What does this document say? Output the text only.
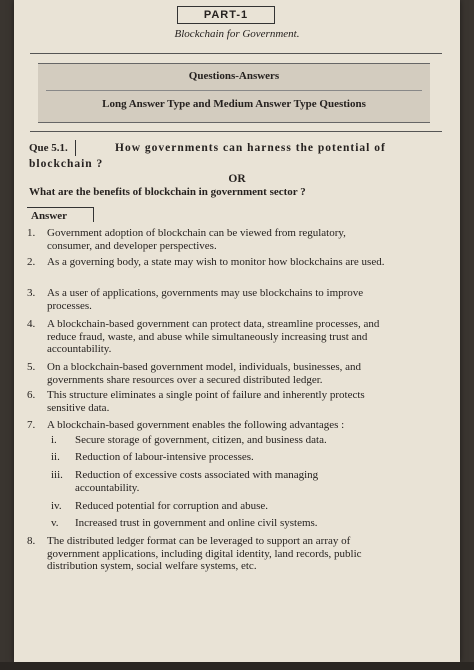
PART-1
Blockchain for Government.
Questions-Answers
Long Answer Type and Medium Answer Type Questions
Que 5.1.	How governments can harness the potential of
blockchain ?
OR
What are the benefits of blockchain in government sector ?
Answer
1. Government adoption of blockchain can be viewed from regulatory, consumer, and developer perspectives.
2. As a governing body, a state may wish to monitor how blockchains are used.
3. As a user of applications, governments may use blockchains to improve processes.
4. A blockchain-based government can protect data, streamline processes, and reduce fraud, waste, and abuse while simultaneously increasing trust and accountability.
5. On a blockchain-based government model, individuals, businesses, and governments share resources over a secured distributed ledger.
6. This structure eliminates a single point of failure and inherently protects sensitive data.
7. A blockchain-based government enables the following advantages :
i. Secure storage of government, citizen, and business data.
ii. Reduction of labour-intensive processes.
iii. Reduction of excessive costs associated with managing accountability.
iv. Reduced potential for corruption and abuse.
v. Increased trust in government and online civil systems.
8. The distributed ledger format can be leveraged to support an array of government applications, including digital identity, land records, public distribution system, social welfare systems, etc.
